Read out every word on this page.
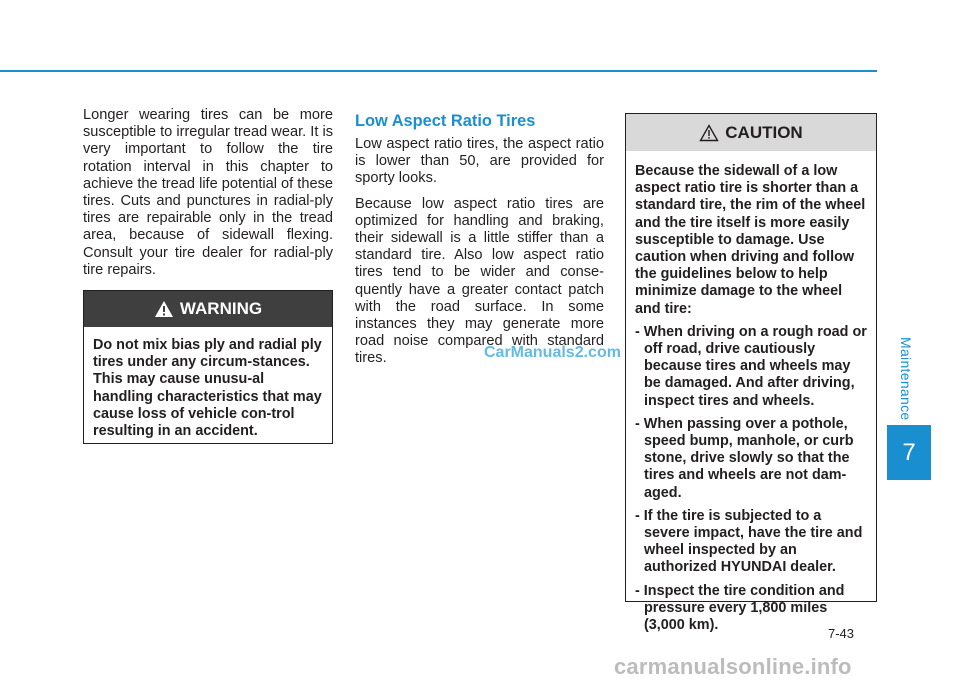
Maintenance
7

Longer wearing tires can be more susceptible to irregular tread wear. It is very important to follow the tire rotation interval in this chapter to achieve the tread life potential of these tires. Cuts and punctures in radial-ply tires are repairable only in the tread area, because of sidewall flexing. Consult your tire dealer for radial-ply tire repairs.

WARNING

Do not mix bias ply and radial ply tires under any circum-stances. This may cause unusu-al handling characteristics that may cause loss of vehicle con-trol resulting in an accident.

Low Aspect Ratio Tires

Low aspect ratio tires, the aspect ratio is lower than 50, are provided for sporty looks.

Because low aspect ratio tires are optimized for handling and braking, their sidewall is a little stiffer than a standard tire. Also low aspect ratio tires tend to be wider and conse-quently have a greater contact patch with the road surface. In some instances they may generate more road noise compared with standard tires.

CAUTION

Because the sidewall of a low aspect ratio tire is shorter than a standard tire, the rim of the wheel and the tire itself is more easily susceptible to damage. Use caution when driving and follow the guidelines below to help minimize damage to the wheel and tire:

- When driving on a rough road or off road, drive cautiously because tires and wheels may be damaged. And after driving, inspect tires and wheels.

- When passing over a pothole, speed bump, manhole, or curb stone, drive slowly so that the tires and wheels are not dam-aged.

- If the tire is subjected to a severe impact, have the tire and wheel inspected by an authorized HYUNDAI dealer.

- Inspect the tire condition and pressure every 1,800 miles (3,000 km).

CarManuals2.com
7-43
carmanualsonline.info
